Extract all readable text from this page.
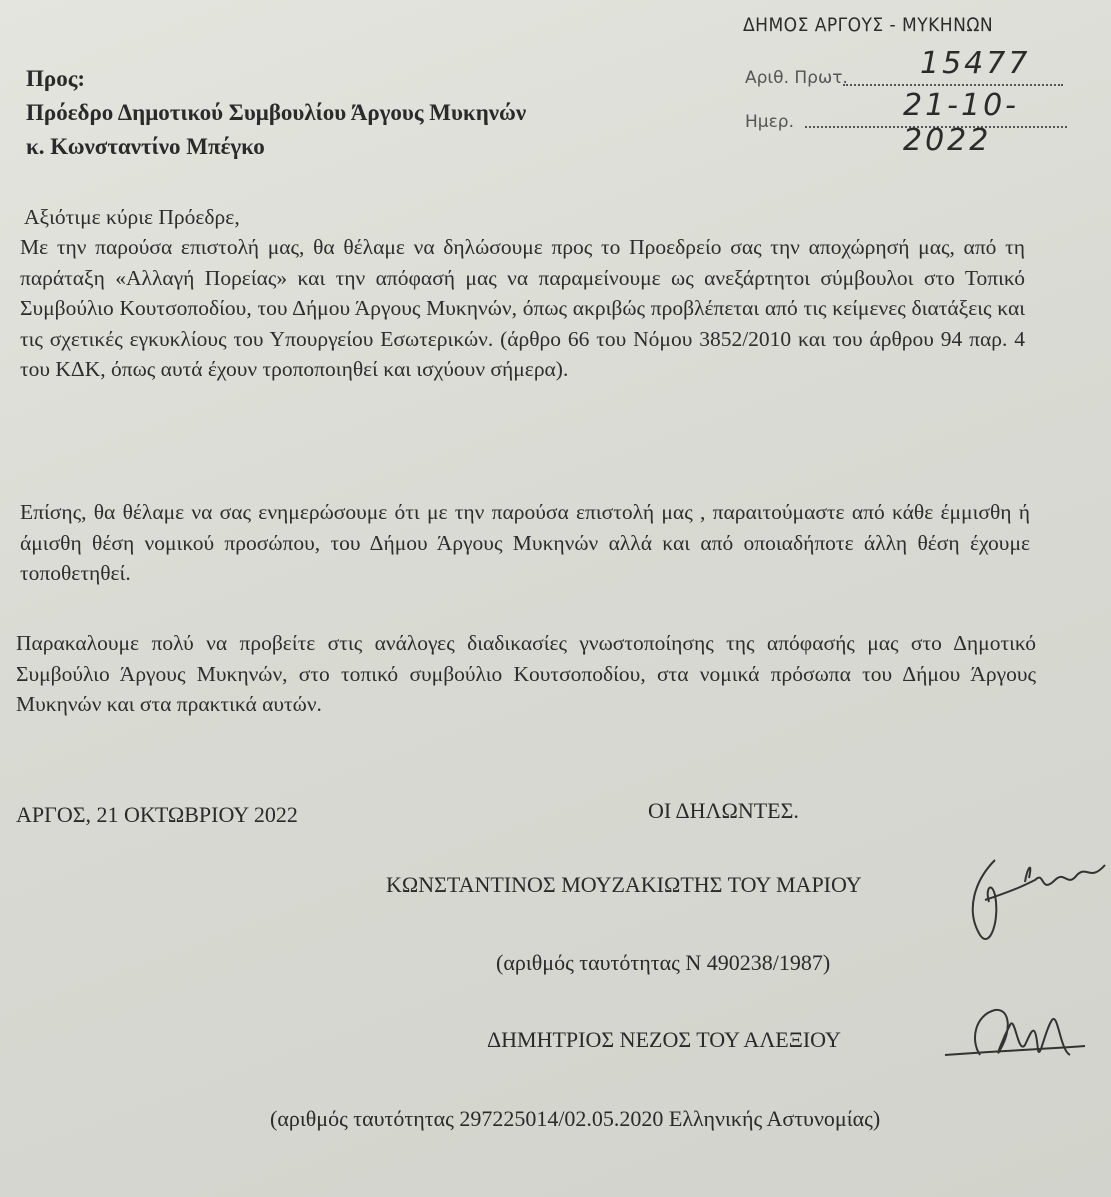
ΔΗΜΟΣ ΑΡΓΟΥΣ - ΜΥΚΗΝΩΝ
Αριθ. Πρωτ. 15477
Ημερ.	21-10-2022
Προς:
Πρόεδρο Δημοτικού Συμβουλίου Άργους Μυκηνών
κ. Κωνσταντίνο Μπέγκο
Αξιότιμε κύριε Πρόεδρε,
Με την παρούσα επιστολή μας, θα θέλαμε να δηλώσουμε προς το Προεδρείο σας την αποχώρησή μας, από τη παράταξη «Αλλαγή Πορείας» και την απόφασή μας να παραμείνουμε ως ανεξάρτητοι σύμβουλοι στο Τοπικό Συμβούλιο Κουτσοποδίου, του Δήμου Άργους Μυκηνών, όπως ακριβώς προβλέπεται από τις κείμενες διατάξεις και τις σχετικές εγκυκλίους του Υπουργείου Εσωτερικών. (άρθρο 66 του Νόμου 3852/2010 και του άρθρου 94 παρ. 4 του ΚΔΚ, όπως αυτά έχουν τροποποιηθεί και ισχύουν σήμερα).
Επίσης, θα θέλαμε να σας ενημερώσουμε ότι με την παρούσα επιστολή μας , παραιτούμαστε από κάθε έμμισθη ή άμισθη θέση νομικού προσώπου, του Δήμου Άργους Μυκηνών αλλά και από οποιαδήποτε άλλη θέση έχουμε τοποθετηθεί.
Παρακαλουμε πολύ να προβείτε στις ανάλογες διαδικασίες γνωστοποίησης της απόφασής μας στο Δημοτικό Συμβούλιο Άργους Μυκηνών, στο τοπικό συμβούλιο Κουτσοποδίου, στα νομικά πρόσωπα του Δήμου Άργους Μυκηνών και στα πρακτικά αυτών.
ΑΡΓΟΣ, 21 ΟΚΤΩΒΡΙΟΥ 2022	ΟΙ ΔΗΛΩΝΤΕΣ.
ΚΩΝΣΤΑΝΤΙΝΟΣ ΜΟΥΖΑΚΙΩΤΗΣ ΤΟΥ ΜΑΡΙΟΥ
(αριθμός ταυτότητας Ν 490238/1987)
ΔΗΜΗΤΡΙΟΣ ΝΕΖΟΣ ΤΟΥ ΑΛΕΞΙΟΥ
(αριθμός ταυτότητας 297225014/02.05.2020 Ελληνικής Αστυνομίας)
